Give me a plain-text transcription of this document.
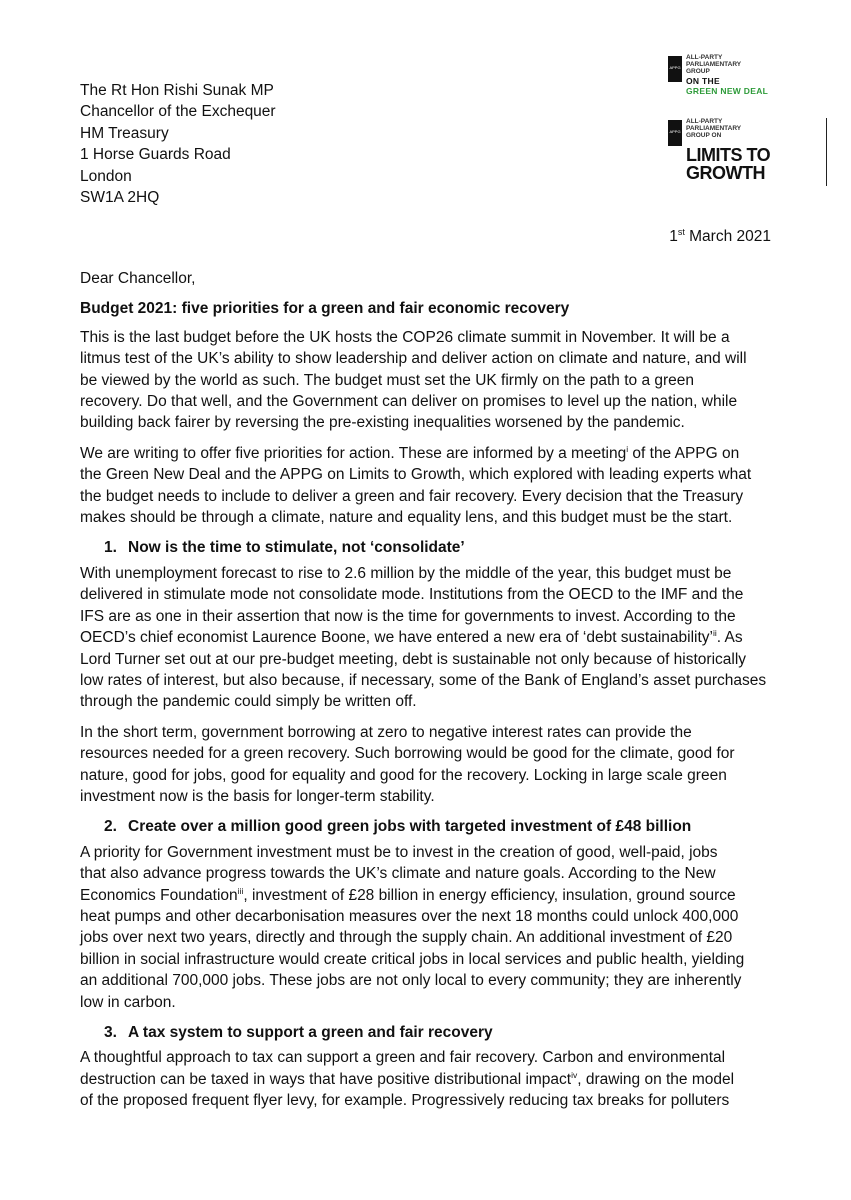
APPG
ALL-PARTY
PARLIAMENTARY
GROUP
ON THE
GREEN NEW DEAL
APPG
ALL-PARTY
PARLIAMENTARY
GROUP ON
LIMITS TO
GROWTH
The Rt Hon Rishi Sunak MP
Chancellor of the Exchequer
HM Treasury
1 Horse Guards Road
London
SW1A 2HQ
1st March 2021

Dear Chancellor,

Budget 2021: five priorities for a green and fair economic recovery

This is the last budget before the UK hosts the COP26 climate summit in November. It will be a

litmus test of the UK’s ability to show leadership and deliver action on climate and nature, and will

be viewed by the world as such. The budget must set the UK firmly on the path to a green

recovery. Do that well, and the Government can deliver on promises to level up the nation, while

building back fairer by reversing the pre-existing inequalities worsened by the pandemic.

We are writing to offer five priorities for action. These are informed by a meeting$^i$ of the APPG on

the Green New Deal and the APPG on Limits to Growth, which explored with leading experts what

the budget needs to include to deliver a green and fair recovery. Every decision that the Treasury

makes should be through a climate, nature and equality lens, and this budget must be the start.

1. Now is the time to stimulate, not ‘consolidate’

With unemployment forecast to rise to 2.6 million by the middle of the year, this budget must be

delivered in stimulate mode not consolidate mode. Institutions from the OECD to the IMF and the

IFS are as one in their assertion that now is the time for governments to invest. According to the

OECD’s chief economist Laurence Boone, we have entered a new era of ‘debt sustainability’$^{ii}$. As

Lord Turner set out at our pre-budget meeting, debt is sustainable not only because of historically

low rates of interest, but also because, if necessary, some of the Bank of England’s asset purchases

through the pandemic could simply be written off.

In the short term, government borrowing at zero to negative interest rates can provide the

resources needed for a green recovery. Such borrowing would be good for the climate, good for

nature, good for jobs, good for equality and good for the recovery. Locking in large scale green

investment now is the basis for longer-term stability.

2. Create over a million good green jobs with targeted investment of £48 billion

A priority for Government investment must be to invest in the creation of good, well-paid, jobs

that also advance progress towards the UK’s climate and nature goals. According to the New

Economics Foundation$^{iii}$, investment of £28 billion in energy efficiency, insulation, ground source

heat pumps and other decarbonisation measures over the next 18 months could unlock 400,000

jobs over next two years, directly and through the supply chain. An additional investment of £20

billion in social infrastructure would create critical jobs in local services and public health, yielding

an additional 700,000 jobs. These jobs are not only local to every community; they are inherently

low in carbon.

3. A tax system to support a green and fair recovery

A thoughtful approach to tax can support a green and fair recovery. Carbon and environmental

destruction can be taxed in ways that have positive distributional impact$^{iv}$, drawing on the model

of the proposed frequent flyer levy, for example. Progressively reducing tax breaks for polluters
